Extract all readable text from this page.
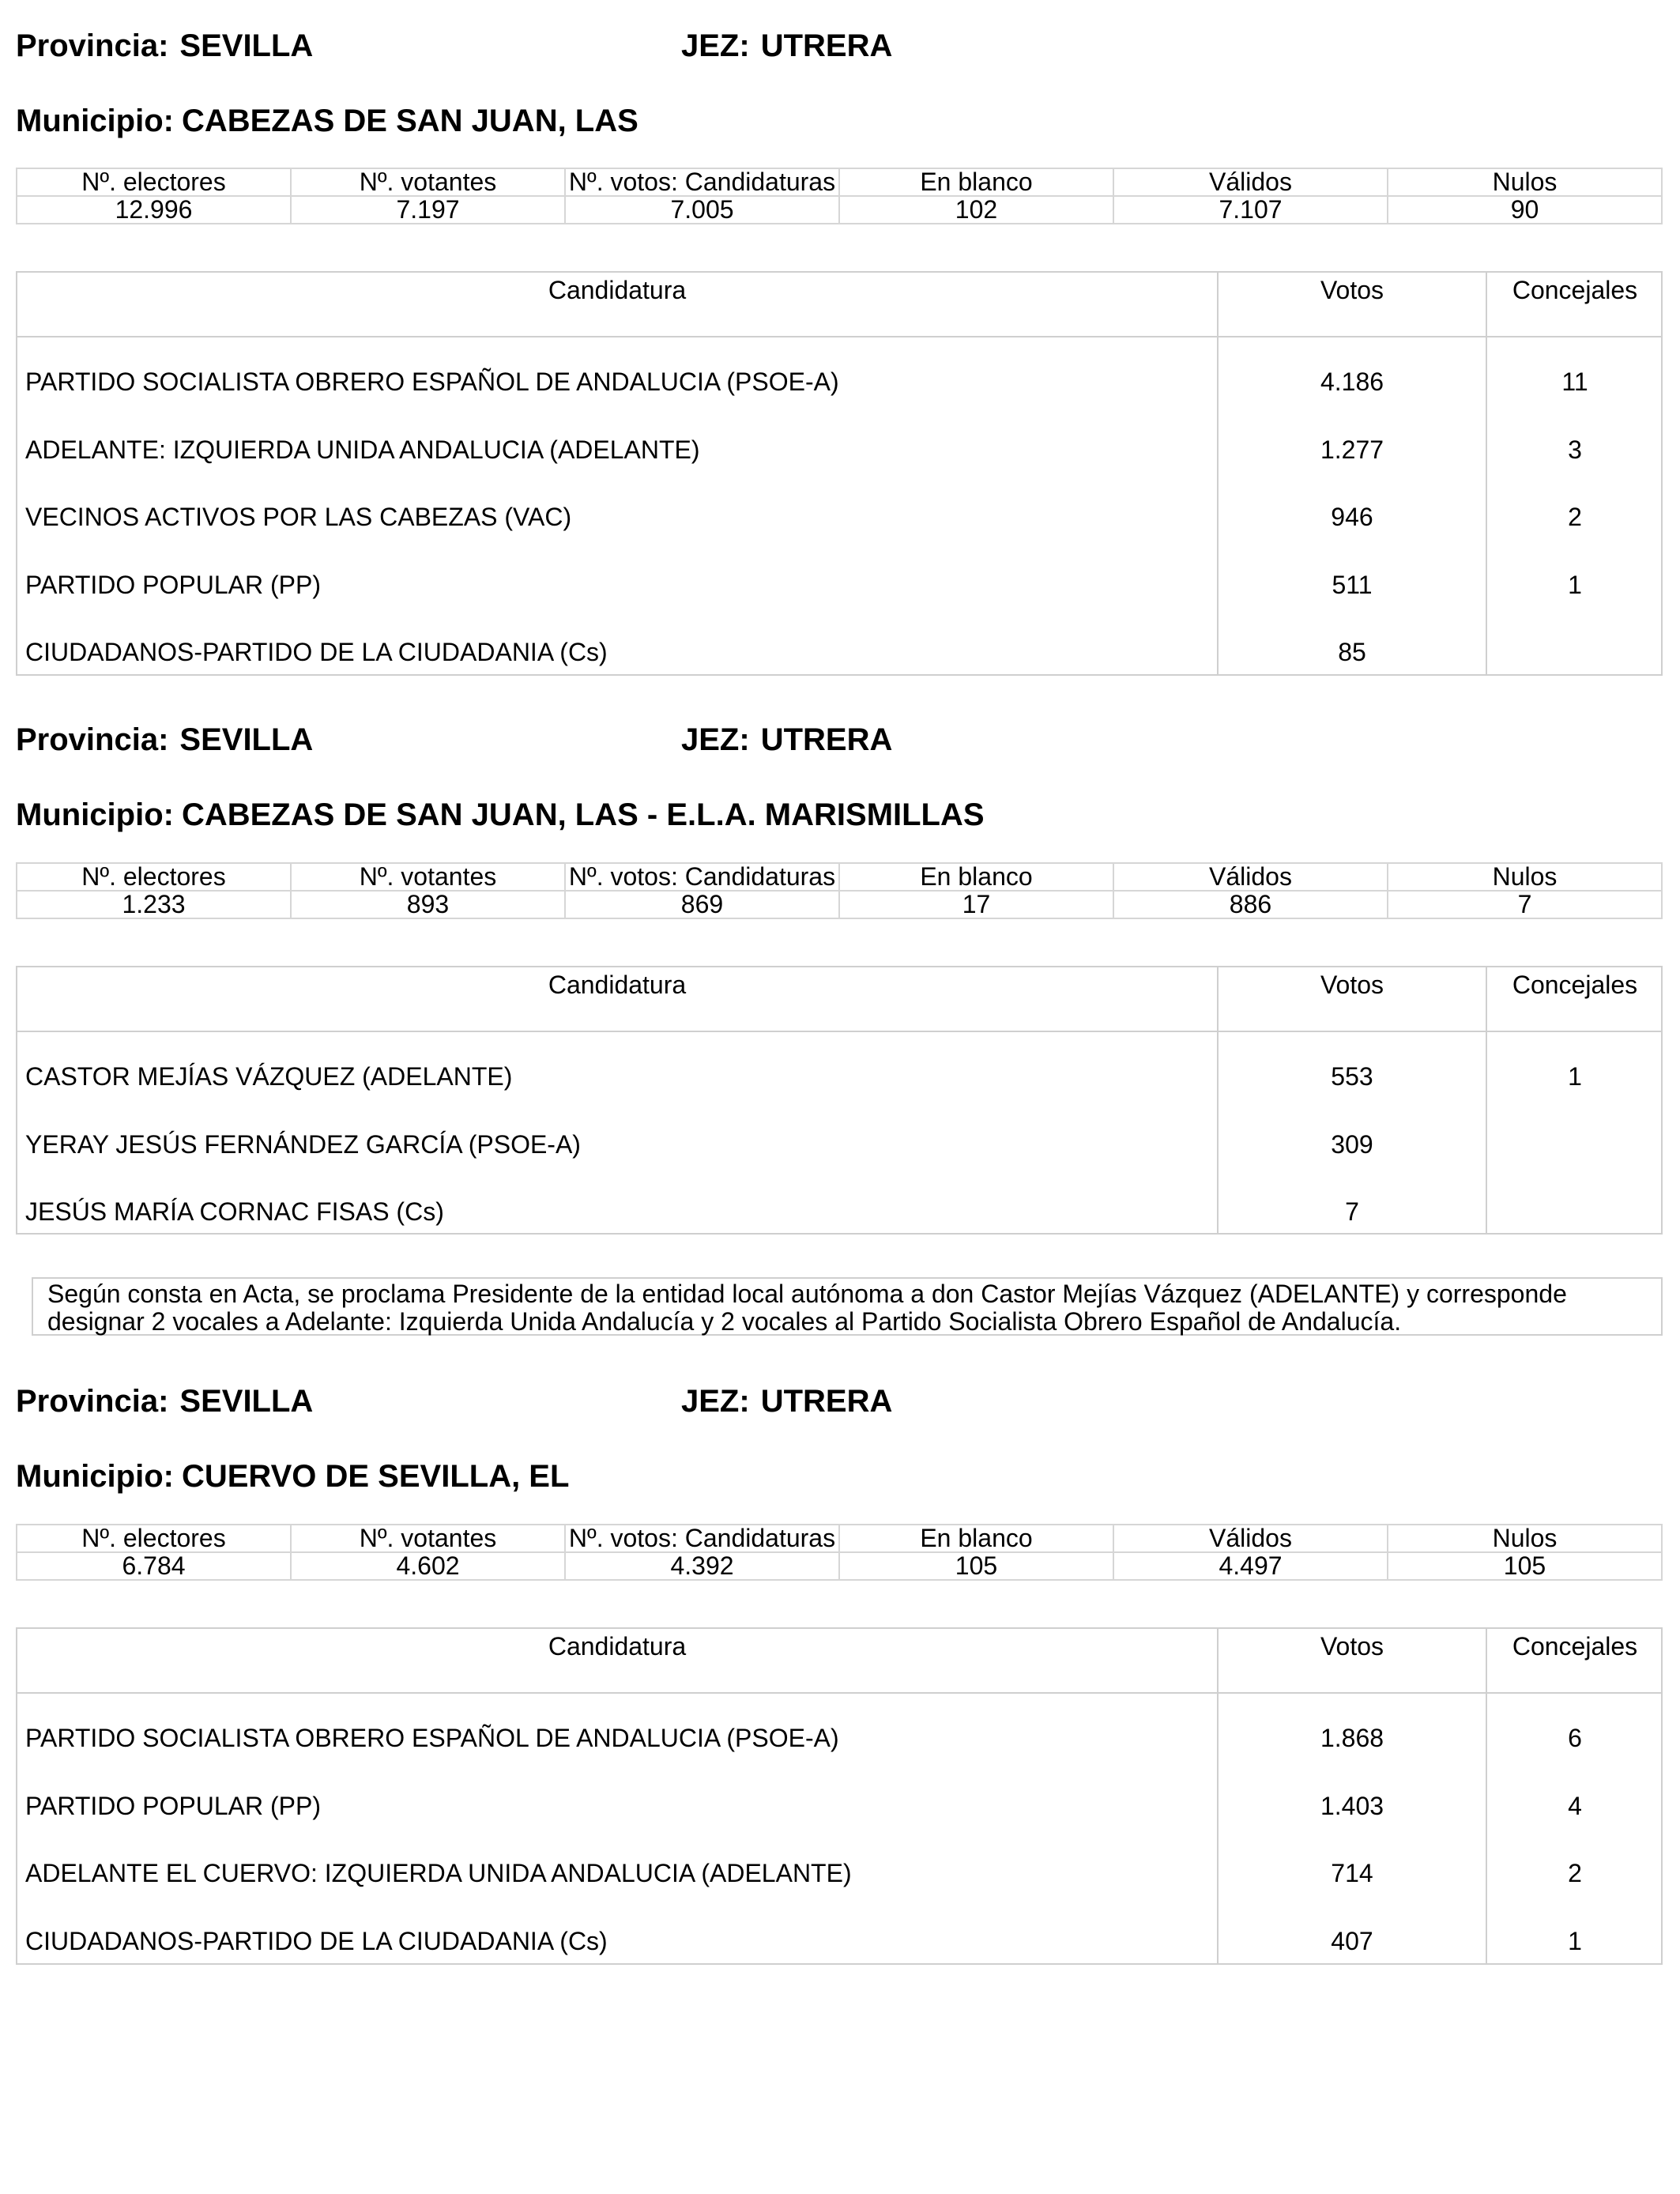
Provincia: SEVILLA	JEZ: UTRERA
Municipio: CABEZAS DE SAN JUAN, LAS
Nº. electores	Nº. votantes	Nº. votos: Candidaturas	En blanco	Válidos	Nulos
12.996	7.197	7.005	102	7.107	90
Candidatura	Votos	Concejales
PARTIDO SOCIALISTA OBRERO ESPAÑOL DE ANDALUCIA (PSOE-A)	4.186	11
ADELANTE: IZQUIERDA UNIDA ANDALUCIA (ADELANTE)	1.277	3
VECINOS ACTIVOS POR LAS CABEZAS (VAC)	946	2
PARTIDO POPULAR (PP)	511	1
CIUDADANOS-PARTIDO DE LA CIUDADANIA (Cs)	85
Provincia: SEVILLA	JEZ: UTRERA
Municipio: CABEZAS DE SAN JUAN, LAS - E.L.A. MARISMILLAS
Nº. electores	Nº. votantes	Nº. votos: Candidaturas	En blanco	Válidos	Nulos
1.233	893	869	17	886	7
Candidatura	Votos	Concejales
CASTOR MEJÍAS VÁZQUEZ (ADELANTE)	553	1
YERAY JESÚS FERNÁNDEZ GARCÍA (PSOE-A)	309
JESÚS MARÍA CORNAC FISAS (Cs)	7
Según consta en Acta, se proclama Presidente de la entidad local autónoma a don Castor Mejías Vázquez (ADELANTE) y corresponde
designar 2 vocales a Adelante: Izquierda Unida Andalucía y 2 vocales al Partido Socialista Obrero Español de Andalucía.
Provincia: SEVILLA	JEZ: UTRERA
Municipio: CUERVO DE SEVILLA, EL
Nº. electores	Nº. votantes	Nº. votos: Candidaturas	En blanco	Válidos	Nulos
6.784	4.602	4.392	105	4.497	105
Candidatura	Votos	Concejales
PARTIDO SOCIALISTA OBRERO ESPAÑOL DE ANDALUCIA (PSOE-A)	1.868	6
PARTIDO POPULAR (PP)	1.403	4
ADELANTE EL CUERVO: IZQUIERDA UNIDA ANDALUCIA (ADELANTE)	714	2
CIUDADANOS-PARTIDO DE LA CIUDADANIA (Cs)	407	1
